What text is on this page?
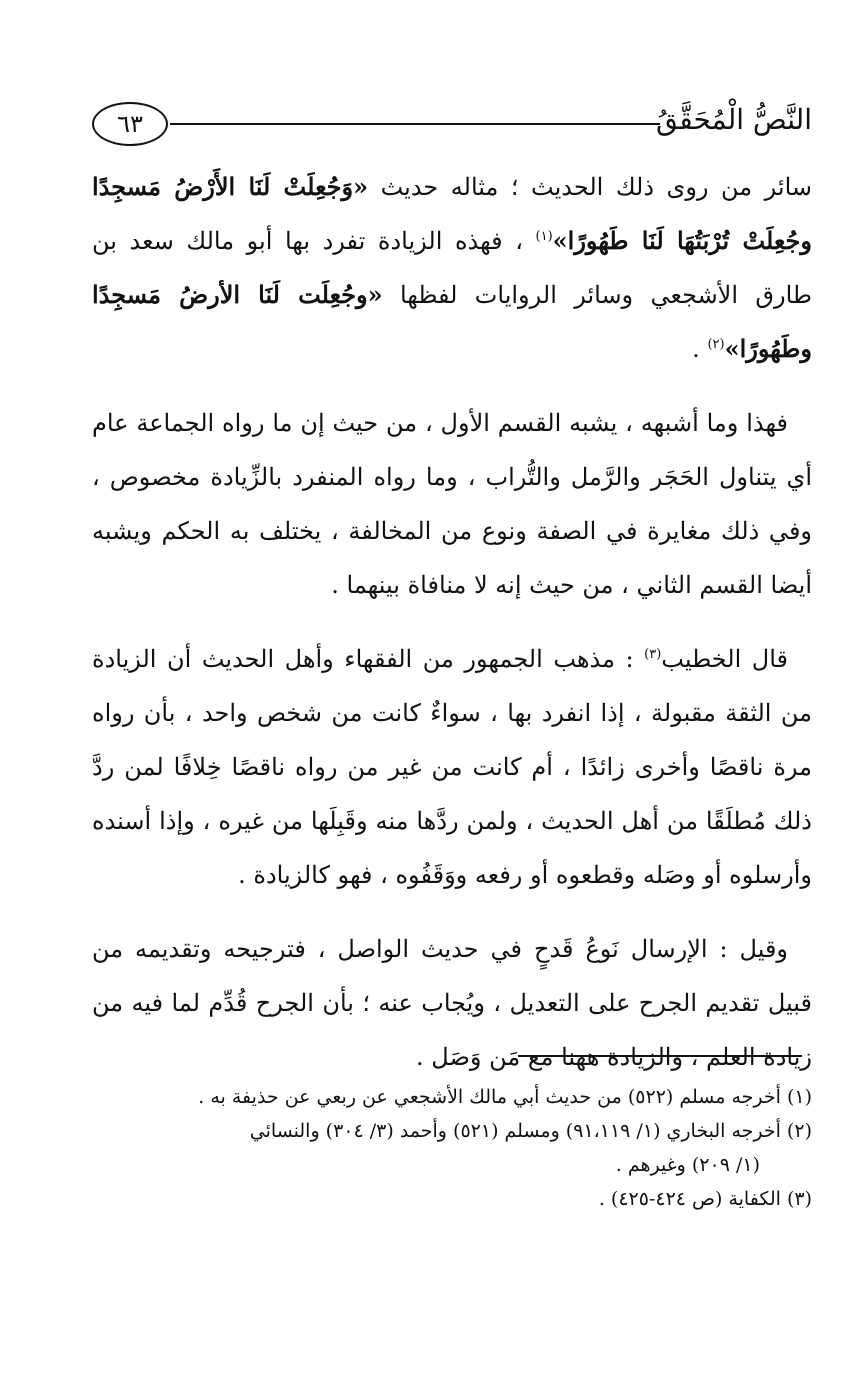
النَّصُّ الْمُحَقَّقُ
٦٣

سائر من روى ذلك الحديث ؛ مثاله حديث «وَجُعِلَتْ لَنَا الأَرْضُ مَسجِدًا وجُعِلَتْ تُرْبَتُهَا لَنَا طَهُورًا»$^{(١)}$ ، فهذه الزيادة تفرد بها أبو مالك سعد بن طارق الأشجعي وسائر الروايات لفظها «وجُعِلَت لَنَا الأرضُ مَسجِدًا وطَهُورًا»$^{(٢)}$ .

فهذا وما أشبهه ، يشبه القسم الأول ، من حيث إن ما رواه الجماعة عام أي يتناول الحَجَر والرَّمل والتُّراب ، وما رواه المنفرد بالزِّيادة مخصوص ، وفي ذلك مغايرة في الصفة ونوع من المخالفة ، يختلف به الحكم ويشبه أيضا القسم الثاني ، من حيث إنه لا منافاة بينهما .

قال الخطيب$^{(٣)}$ : مذهب الجمهور من الفقهاء وأهل الحديث أن الزيادة من الثقة مقبولة ، إذا انفرد بها ، سواءٌ كانت من شخص واحد ، بأن رواه مرة ناقصًا وأخرى زائدًا ، أم كانت من غير من رواه ناقصًا خِلافًا لمن ردَّ ذلك مُطلَقًا من أهل الحديث ، ولمن ردَّها منه وقَبِلَها من غيره ، وإذا أسنده وأرسلوه أو وصَله وقطعوه أو رفعه ووَقَفُوه ، فهو كالزيادة .

وقيل : الإرسال نَوعُ قَدحٍ في حديث الواصل ، فترجيحه وتقديمه من قبيل تقديم الجرح على التعديل ، ويُجاب عنه ؛ بأن الجرح قُدِّم لما فيه من زيادة العلم ، والزيادة ههنا مع مَن وَصَل .

(١) أخرجه مسلم (٥٢٢) من حديث أبي مالك الأشجعي عن ربعي عن حذيفة به .

(٢) أخرجه البخاري (١/ ٩١،١١٩) ومسلم (٥٢١) وأحمد (٣/ ٣٠٤) والنسائي

(١/ ٢٠٩) وغيرهم .

(٣) الكفاية (ص ٤٢٤-٤٢٥) .
